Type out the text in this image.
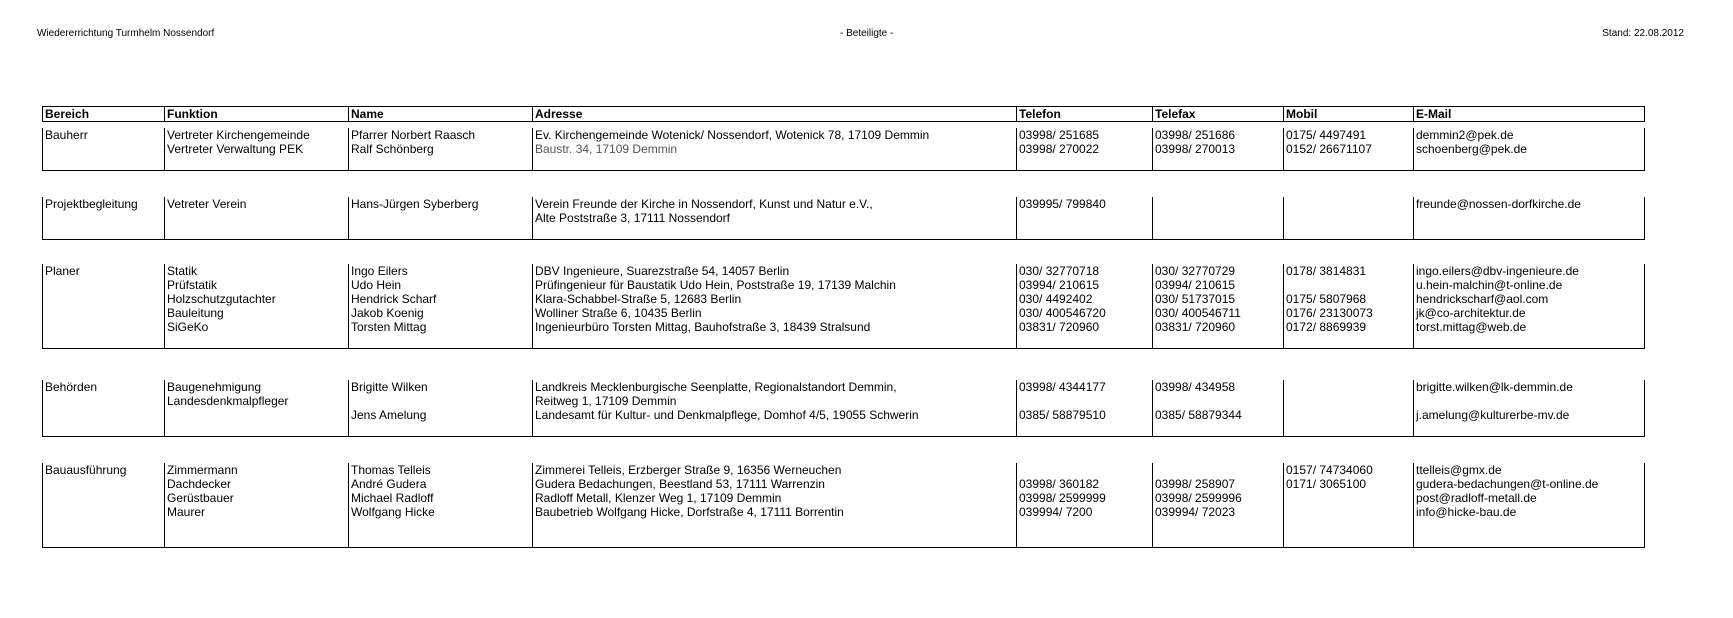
Wiedererrichtung Turmhelm Nossendorf	- Beteiligte -	Stand: 22.08.2012
Bereich	Funktion	Name	Adresse	Telefon	Telefax	Mobil	E-Mail
Bauherr	Vertreter Kirchengemeinde	Pfarrer Norbert Raasch	Ev. Kirchengemeinde Wotenick/ Nossendorf, Wotenick 78, 17109 Demmin	03998/ 251685	03998/ 251686	0175/ 4497491	demmin2@pek.de
	Vertreter Verwaltung PEK	Ralf Schönberg	Baustr. 34, 17109 Demmin	03998/ 270022	03998/ 270013	0152/ 26671107	schoenberg@pek.de

Projektbegleitung	Vetreter Verein	Hans-Jürgen Syberberg	Verein Freunde der Kirche in Nossendorf, Kunst und Natur e.V.,	039995/ 799840			freunde@nossen-dorfkirche.de
			Alte Poststraße 3, 17111 Nossendorf				

Planer	Statik	Ingo Eilers	DBV Ingenieure, Suarezstraße 54, 14057 Berlin	030/ 32770718	030/ 32770729	0178/ 3814831	ingo.eilers@dbv-ingenieure.de
	Prüfstatik	Udo Hein	Prüfingenieur für Baustatik Udo Hein, Poststraße 19, 17139 Malchin	03994/ 210615	03994/ 210615		u.hein-malchin@t-online.de
	Holzschutzgutachter	Hendrick Scharf	Klara-Schabbel-Straße 5, 12683 Berlin	030/ 4492402	030/ 51737015	0175/ 5807968	hendrickscharf@aol.com
	Bauleitung	Jakob Koenig	Wolliner Straße 6, 10435 Berlin	030/ 400546720	030/ 400546711	0176/ 23130073	jk@co-architektur.de
	SiGeKo	Torsten Mittag	Ingenieurbüro Torsten Mittag, Bauhofstraße 3, 18439 Stralsund	03831/ 720960	03831/ 720960	0172/ 8869939	torst.mittag@web.de

Behörden	Baugenehmigung	Brigitte Wilken	Landkreis Mecklenburgische Seenplatte, Regionalstandort Demmin,	03998/ 4344177	03998/ 434958		brigitte.wilken@lk-demmin.de
	Landesdenkmalpfleger		Reitweg 1, 17109 Demmin				
		Jens Amelung	Landesamt für Kultur- und Denkmalpflege, Domhof 4/5, 19055 Schwerin	0385/ 58879510	0385/ 58879344		j.amelung@kulturerbe-mv.de

Bauausführung	Zimmermann	Thomas Telleis	Zimmerei Telleis, Erzberger Straße 9, 16356 Werneuchen			0157/ 74734060	ttelleis@gmx.de
	Dachdecker	André Gudera	Gudera Bedachungen, Beestland 53, 17111 Warrenzin	03998/ 360182	03998/ 258907	0171/ 3065100	gudera-bedachungen@t-online.de
	Gerüstbauer	Michael Radloff	Radloff Metall, Klenzer Weg 1, 17109 Demmin	03998/ 2599999	03998/ 2599996		post@radloff-metall.de
	Maurer	Wolfgang Hicke	Baubetrieb Wolfgang Hicke, Dorfstraße 4, 17111 Borrentin	039994/ 7200	039994/ 72023		info@hicke-bau.de
